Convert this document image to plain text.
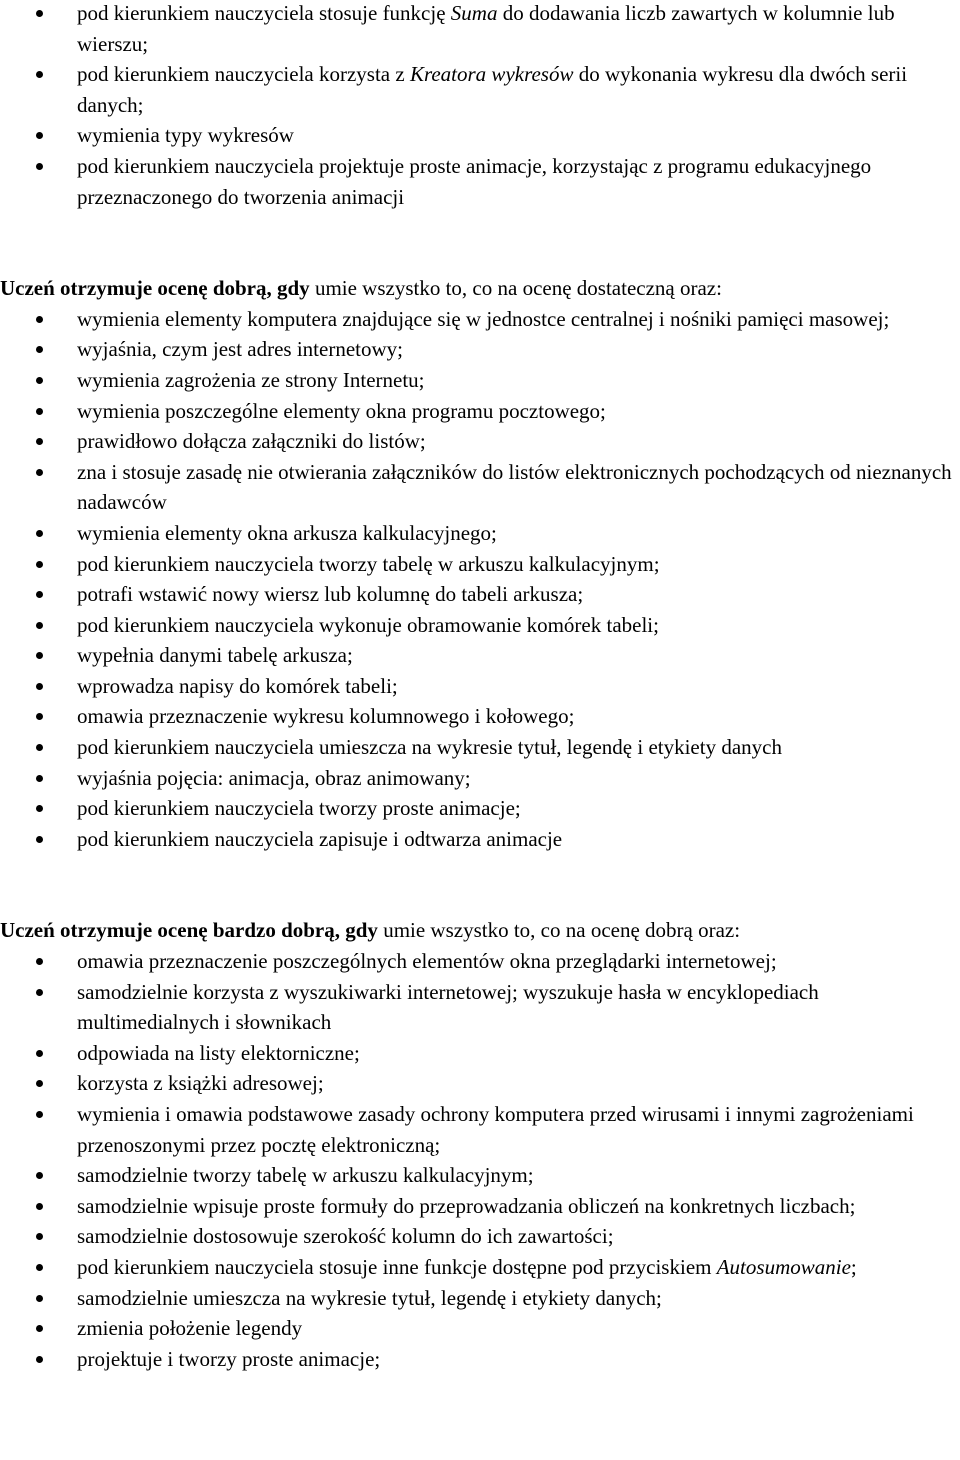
pod kierunkiem nauczyciela stosuje funkcję Suma do dodawania liczb zawartych w kolumnie lub wierszu;
pod kierunkiem nauczyciela korzysta z Kreatora wykresów do wykonania wykresu dla dwóch serii danych;
wymienia typy wykresów
pod kierunkiem nauczyciela projektuje proste animacje, korzystając z programu edukacyjnego przeznaczonego do tworzenia animacji

Uczeń otrzymuje ocenę dobrą, gdy umie wszystko to, co na ocenę dostateczną oraz:

wymienia elementy komputera znajdujące się w jednostce centralnej i nośniki pamięci masowej;
wyjaśnia, czym jest adres internetowy;
wymienia zagrożenia ze strony Internetu;
wymienia poszczególne elementy okna programu pocztowego;
prawidłowo dołącza załączniki do listów;
zna i stosuje zasadę nie otwierania załączników do listów elektronicznych pochodzących od nieznanych nadawców
wymienia elementy okna arkusza kalkulacyjnego;
pod kierunkiem nauczyciela tworzy tabelę w arkuszu kalkulacyjnym;
potrafi wstawić nowy wiersz lub kolumnę do tabeli arkusza;
pod kierunkiem nauczyciela wykonuje obramowanie komórek tabeli;
wypełnia danymi tabelę arkusza;
wprowadza napisy do komórek tabeli;
omawia przeznaczenie wykresu kolumnowego i kołowego;
pod kierunkiem nauczyciela umieszcza na wykresie tytuł, legendę i etykiety danych
wyjaśnia pojęcia: animacja, obraz animowany;
pod kierunkiem nauczyciela tworzy proste animacje;
pod kierunkiem nauczyciela zapisuje i odtwarza animacje

Uczeń otrzymuje ocenę bardzo dobrą, gdy umie wszystko to, co na ocenę dobrą oraz:

omawia przeznaczenie poszczególnych elementów okna przeglądarki internetowej;
samodzielnie korzysta z wyszukiwarki internetowej; wyszukuje hasła w encyklopediach multimedialnych i słownikach
odpowiada na listy elektorniczne;
korzysta z książki adresowej;
wymienia i omawia podstawowe zasady ochrony komputera przed wirusami i innymi zagrożeniami przenoszonymi przez pocztę elektroniczną;
samodzielnie tworzy tabelę w arkuszu kalkulacyjnym;
samodzielnie wpisuje proste formuły do przeprowadzania obliczeń na konkretnych liczbach;
samodzielnie dostosowuje szerokość kolumn do ich zawartości;
pod kierunkiem nauczyciela stosuje inne funkcje dostępne pod przyciskiem Autosumowanie;
samodzielnie umieszcza na wykresie tytuł, legendę i etykiety danych;
zmienia położenie legendy
projektuje i tworzy proste animacje;
